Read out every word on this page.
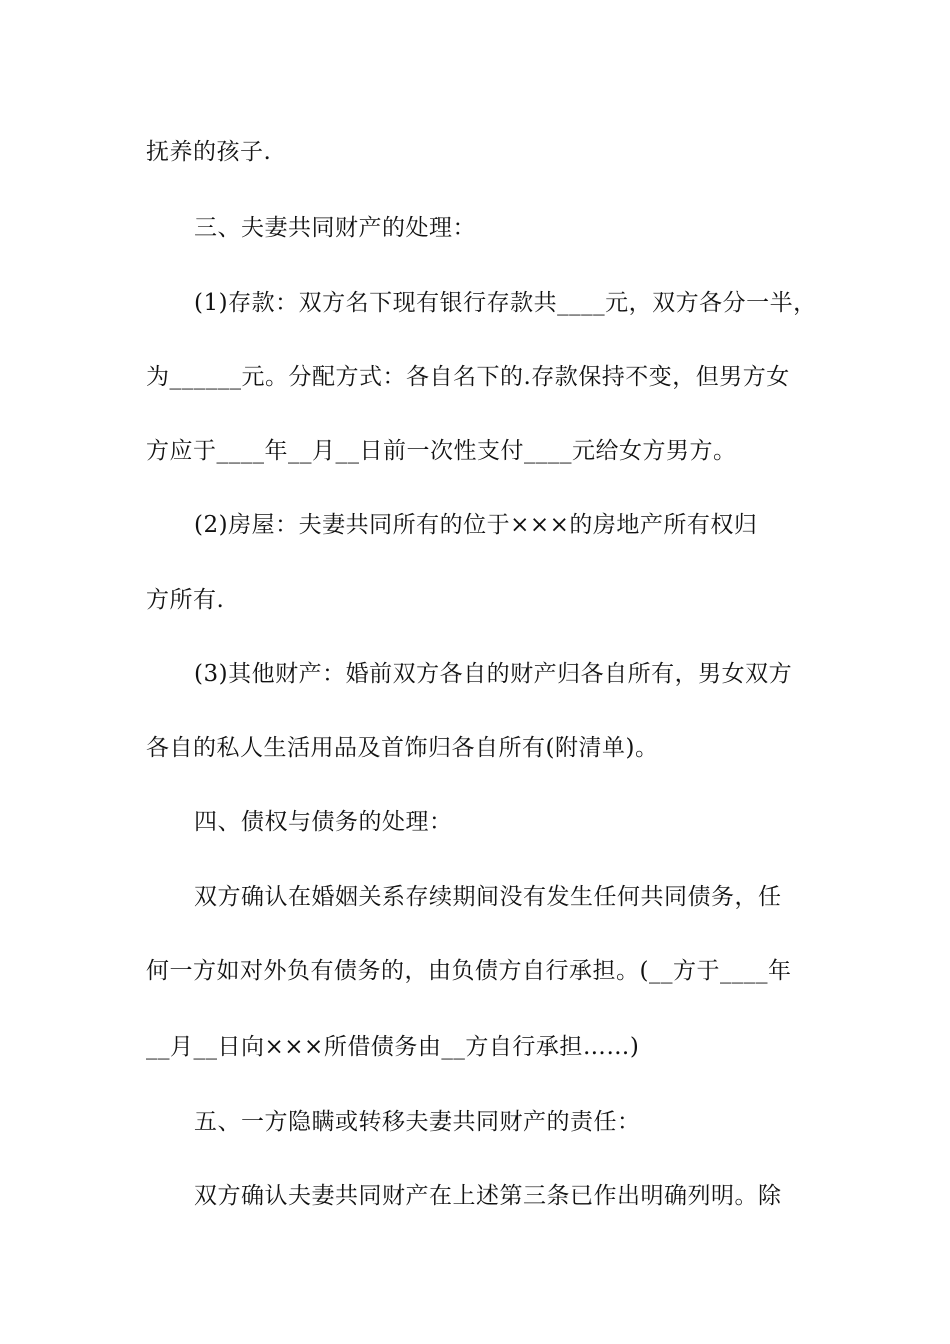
抚养的孩子.
三、夫妻共同财产的处理：
(1)存款：双方名下现有银行存款共____元，双方各分一半，
为______元。分配方式：各自名下的.存款保持不变，但男方女
方应于____年__月__日前一次性支付____元给女方男方。
(2)房屋：夫妻共同所有的位于×××的房地产所有权归
方所有.
(3)其他财产：婚前双方各自的财产归各自所有，男女双方
各自的私人生活用品及首饰归各自所有(附清单)。
四、债权与债务的处理：
双方确认在婚姻关系存续期间没有发生任何共同债务，任
何一方如对外负有债务的，由负债方自行承担。(__方于____年
__月__日向×××所借债务由__方自行承担……)
五、一方隐瞒或转移夫妻共同财产的责任：
双方确认夫妻共同财产在上述第三条已作出明确列明。除
